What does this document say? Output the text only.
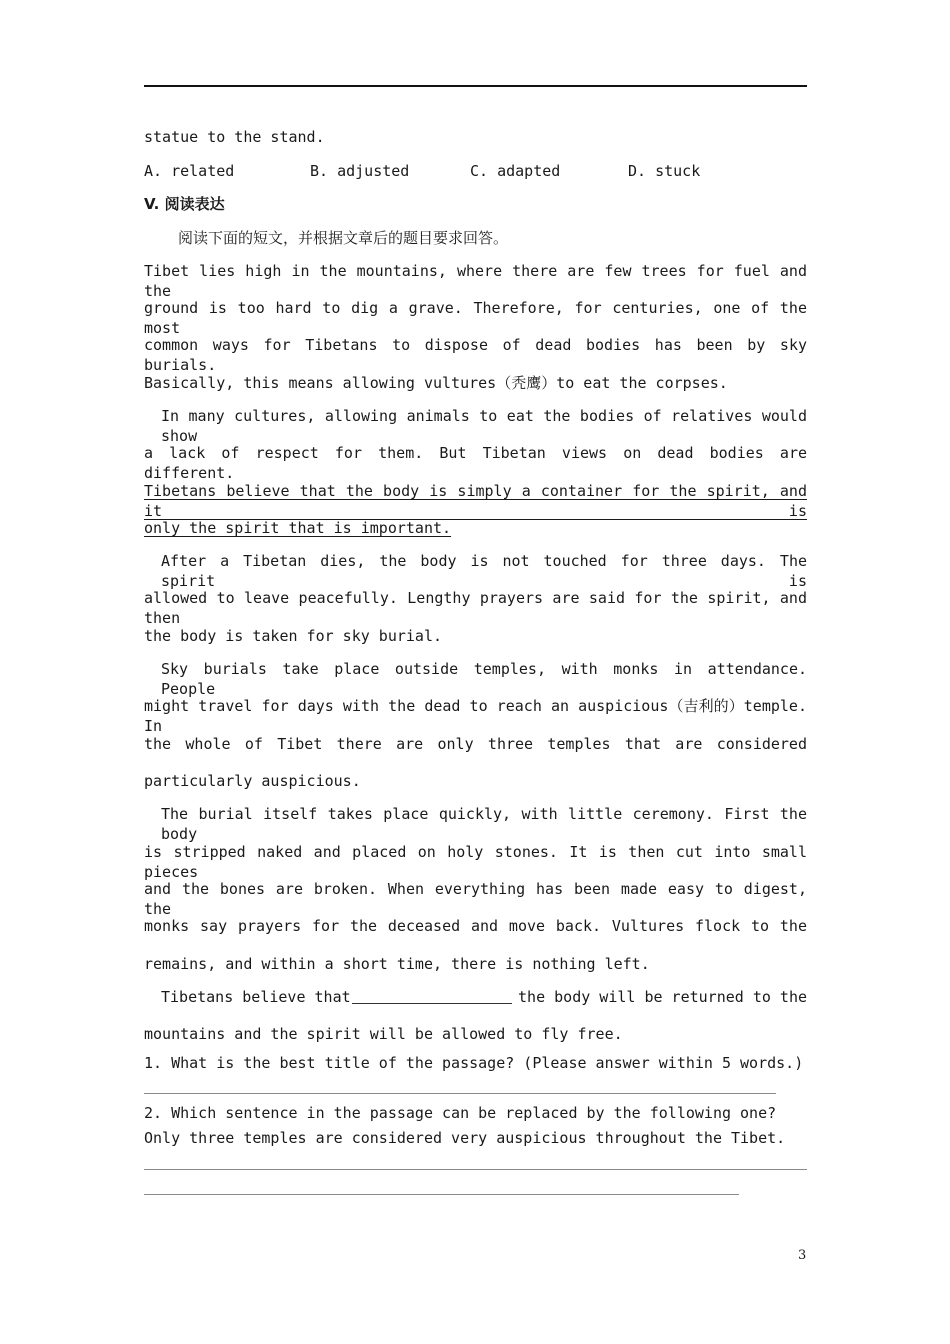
statue to the stand.
A. related	B. adjusted	C. adapted	D. stuck
V. 阅读表达
阅读下面的短文，并根据文章后的题目要求回答。
Tibet lies high in the mountains, where there are few trees for fuel and the
ground is too hard to dig a grave. Therefore, for centuries, one of the most
common ways for Tibetans to dispose of dead bodies has been by sky burials.
Basically, this means allowing vultures（秃鹰）to eat the corpses.
In many cultures, allowing animals to eat the bodies of relatives would show
a lack of respect for them. But Tibetan views on dead bodies are different.
Tibetans believe that the body is simply a container for the spirit, and it is
only the spirit that is important.
After a Tibetan dies, the body is not touched for three days. The spirit is
allowed to leave peacefully. Lengthy prayers are said for the spirit, and then
the body is taken for sky burial.
Sky burials take place outside temples, with monks in attendance. People
might travel for days with the dead to reach an auspicious（吉利的）temple. In
the whole of Tibet there are only three temples that are considered
particularly auspicious.
The burial itself takes place quickly, with little ceremony. First the body
is stripped naked and placed on holy stones. It is then cut into small pieces
and the bones are broken. When everything has been made easy to digest, the
monks say prayers for the deceased and move back. Vultures flock to the
remains, and within a short time, there is nothing left.
Tibetans believe that	the body will be returned to the
mountains and the spirit will be allowed to fly free.
1. What is the best title of the passage? (Please answer within 5 words.)
2. Which sentence in the passage can be replaced by the following one?
Only three temples are considered very auspicious throughout the Tibet.
3
